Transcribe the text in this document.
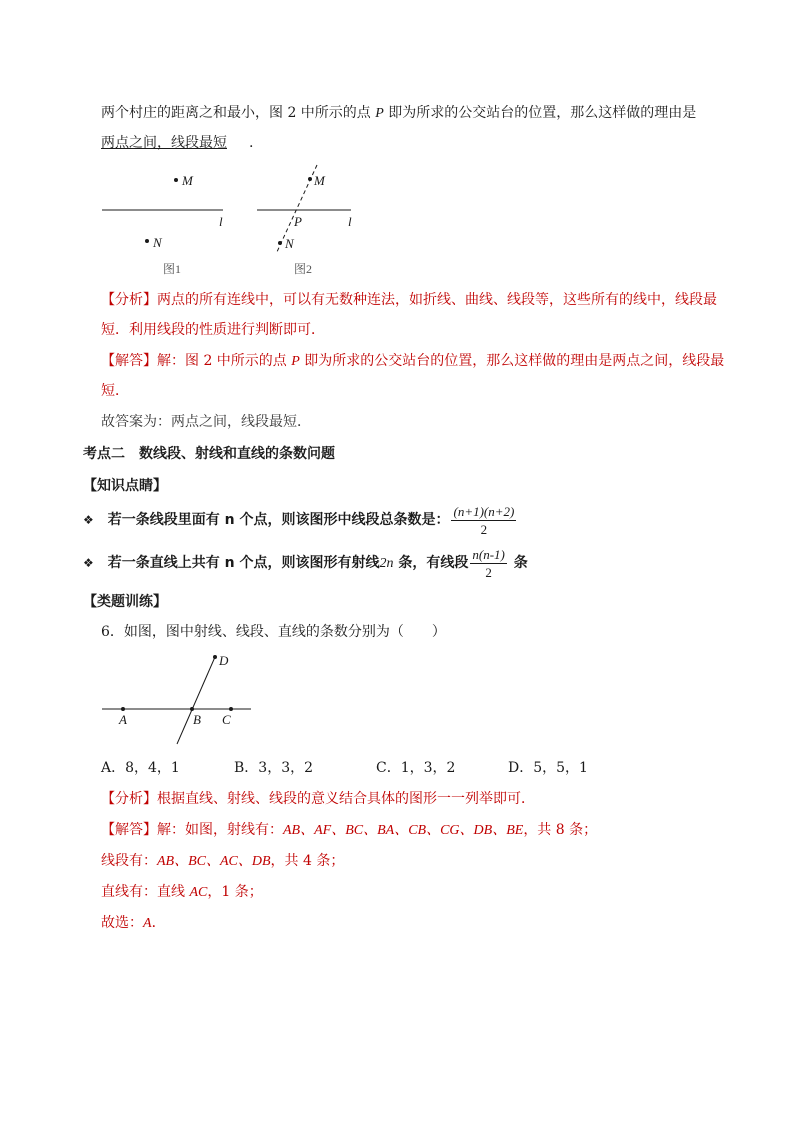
两个村庄的距离之和最小，图 2 中所示的点 P 即为所求的公交站台的位置，那么这样做的理由是
两点之间，线段最短 .
M
l
N
图1
M
P	l
N
图2
【分析】两点的所有连线中，可以有无数种连法，如折线、曲线、线段等，这些所有的线中，线段最
短．利用线段的性质进行判断即可．
【解答】解：图 2 中所示的点 P 即为所求的公交站台的位置，那么这样做的理由是两点之间，线段最
短．
故答案为：两点之间，线段最短．
考点二　数线段、射线和直线的条数问题
【知识点睛】
❖ 若一条线段里面有 n 个点，则该图形中线段总条数是： $\frac{(n+1)(n+2)}{2}$
❖ 若一条直线上共有 n 个点，则该图形有射线2n 条，有线段 $\frac{n(n-1)}{2}$ 条
【类题训练】
6．如图，图中射线、线段、直线的条数分别为（　　）
A	B C
D
A．8，4，1	B．3，3，2	C．1，3，2	D．5，5，1
【分析】根据直线、射线、线段的意义结合具体的图形一一列举即可．
【解答】解：如图，射线有：AB、AF、BC、BA、CB、CG、DB、BE，共 8 条；
线段有：AB、BC、AC、DB，共 4 条；
直线有：直线 AC，1 条；
故选：A．
